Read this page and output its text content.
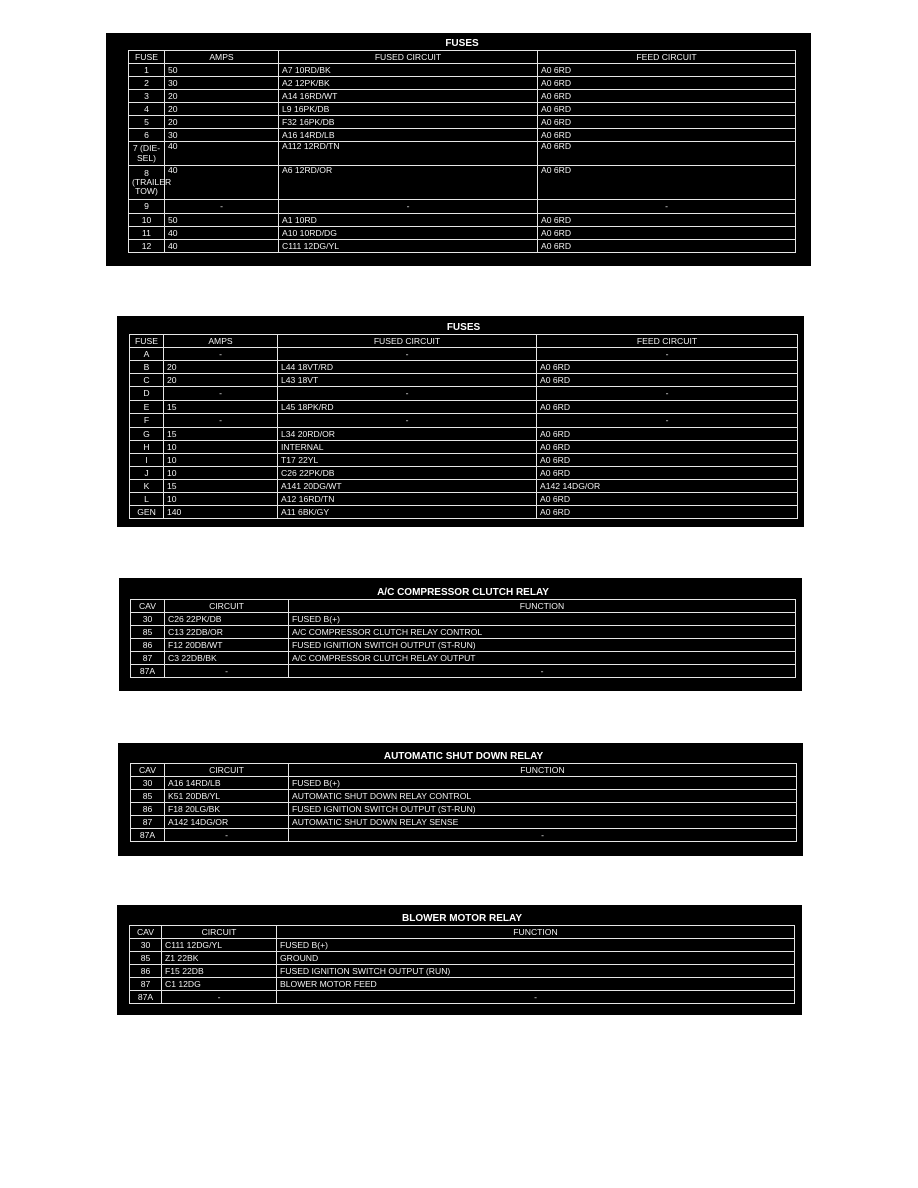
FUSES
FUSE	AMPS	FUSED CIRCUIT	FEED CIRCUIT
1	50	A7 10RD/BK	A0 6RD
2	30	A2 12PK/BK	A0 6RD
3	20	A14 16RD/WT	A0 6RD
4	20	L9 16PK/DB	A0 6RD
5	20	F32 16PK/DB	A0 6RD
6	30	A16 14RD/LB	A0 6RD
7 (DIE-SEL)	40	A112 12RD/TN	A0 6RD
8 (TRAILER TOW)	40	A6 12RD/OR	A0 6RD
9	-	-	-
10	50	A1 10RD	A0 6RD
11	40	A10 10RD/DG	A0 6RD
12	40	C111 12DG/YL	A0 6RD
FUSES
FUSE	AMPS	FUSED CIRCUIT	FEED CIRCUIT
A	-	-	-
B	20	L44 18VT/RD	A0 6RD
C	20	L43 18VT	A0 6RD
D	-	-	-
E	15	L45 18PK/RD	A0 6RD
F	-	-	-
G	15	L34 20RD/OR	A0 6RD
H	10	INTERNAL	A0 6RD
I	10	T17 22YL	A0 6RD
J	10	C26 22PK/DB	A0 6RD
K	15	A141 20DG/WT	A142 14DG/OR
L	10	A12 16RD/TN	A0 6RD
GEN	140	A11 6BK/GY	A0 6RD
A/C COMPRESSOR CLUTCH RELAY
CAV	CIRCUIT	FUNCTION
30	C26 22PK/DB	FUSED B(+)
85	C13 22DB/OR	A/C COMPRESSOR CLUTCH RELAY CONTROL
86	F12 20DB/WT	FUSED IGNITION SWITCH OUTPUT (ST-RUN)
87	C3 22DB/BK	A/C COMPRESSOR CLUTCH RELAY OUTPUT
87A	-	-
AUTOMATIC SHUT DOWN RELAY
CAV	CIRCUIT	FUNCTION
30	A16 14RD/LB	FUSED B(+)
85	K51 20DB/YL	AUTOMATIC SHUT DOWN RELAY CONTROL
86	F18 20LG/BK	FUSED IGNITION SWITCH OUTPUT (ST-RUN)
87	A142 14DG/OR	AUTOMATIC SHUT DOWN RELAY SENSE
87A	-	-
BLOWER MOTOR RELAY
CAV	CIRCUIT	FUNCTION
30	C111 12DG/YL	FUSED B(+)
85	Z1 22BK	GROUND
86	F15 22DB	FUSED IGNITION SWITCH OUTPUT (RUN)
87	C1 12DG	BLOWER MOTOR FEED
87A	-	-
